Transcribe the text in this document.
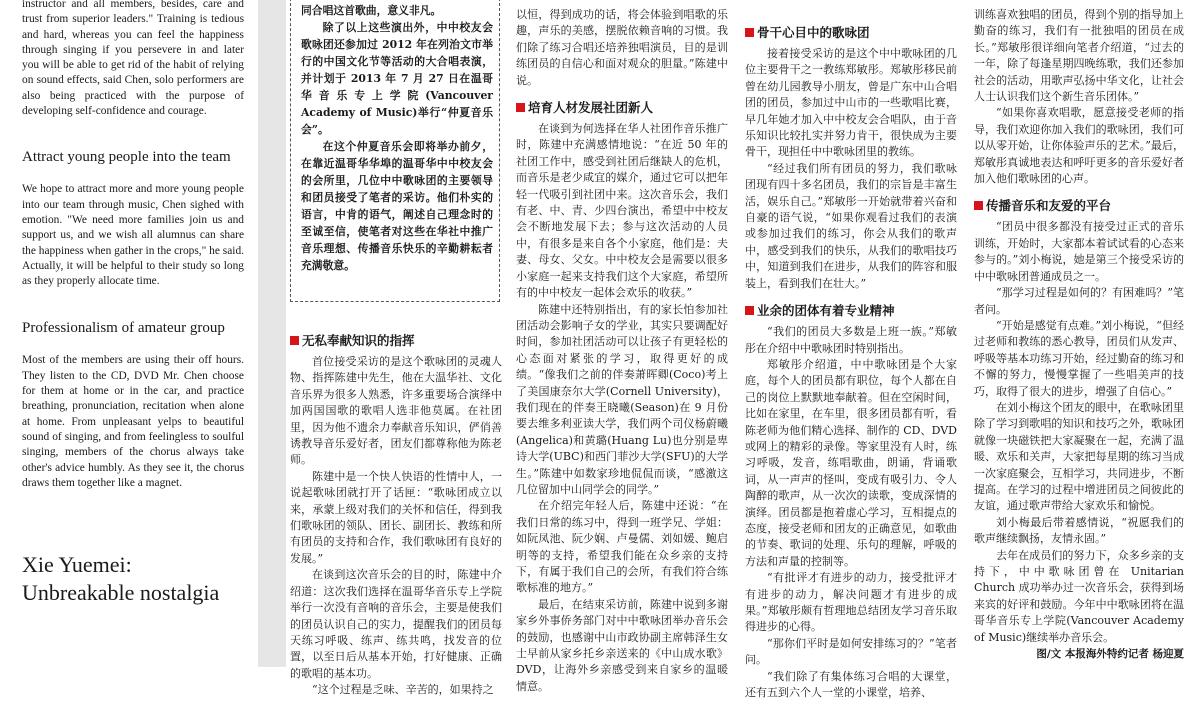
instructor and all members, besides, care and trust from superior leaders." Training is tedious and hard, whereas you can feel the happiness through singing if you persevere in and later you will be able to get rid of the habit of relying on sound effects, said Chen, solo performers are also being practiced with the purpose of developing self-confidence and courage.

Attract young people into the team

We hope to attract more and more young people into our team through music, Chen sighed with emotion. "We need more families join us and support us, and we wish all alumnus can share the happiness when gather in the crops," he said. Actually, it will be helpful to their study so long as they properly allocate time.

Professionalism of amateur group

Most of the members are using their off hours. They listen to the CD, DVD Mr. Chen choose for them at home or in the car, and practice breathing, pronunciation, recitation when alone at home. From unpleasant yelps to beautiful sound of singing, and from feelingless to soulful singing, members of the chorus always take other's advice humbly. As they see it, the chorus draws them together like a magnet.

Xie Yuemei:

Unbreakable nostalgia

同合唱这首歌曲，意义非凡。

除了以上这些演出外，中中校友会歌咏团还参加过 2012 年在列治文市举行的中国文化节等活动的大合唱表演，并计划于 2013 年 7 月 27 日在温哥华音乐专上学院(Vancouver Academy of Music)举行“仲夏音乐会”。

在这个仲夏音乐会即将举办前夕，在靠近温哥华华埠的温哥华中中校友会的会所里，几位中中歌咏团的主要领导和团员接受了笔者的采访。他们朴实的语言，中肯的语气，阐述自己理念时的至诚至信，使笔者对这些在华社中推广音乐理想、传播音乐快乐的辛勤耕耘者充满敬意。

无私奉献知识的指挥

首位接受采访的是这个歌咏团的灵魂人物、指挥陈建中先生，他在大温华社、文化音乐界为很多人熟悉，许多重要场合演绎中加两国国歌的歌唱人选非他莫属。在社团里，因为他不遗余力奉献音乐知识，俨俏善诱教导音乐爱好者，团友们都尊称他为陈老师。

陈建中是一个快人快语的性情中人，一说起歌咏团就打开了话匣：“歌咏团成立以来，承蒙上级对我们的关怀和信任，得到我们歌咏团的领队、团长、副团长、教练和所有团员的支持和合作，我们歌咏团有良好的发展。”

在谈到这次音乐会的目的时，陈建中介绍道：这次我们选择在温哥华音乐专上学院举行一次没有音响的音乐会，主要是使我们的团员认识自己的实力，提醒我们的团员每天练习呼吸、练声、练共鸣，找发音的位置，以至日后从基本开始，打好健康、正确的歌唱的基本功。

“这个过程是乏味、辛苦的，如果持之

以恒，得到成功的话，将会体验到唱歌的乐趣，声乐的美感，摆脱依赖音响的习惯。我们除了练习合唱还培养独唱演员，目的是训练团员的自信心和面对观众的胆量。”陈建中说。

培育人材发展社团新人

在谈到为何选择在华人社团作音乐推广时，陈建中充满感情地说：“在近 50 年的社团工作中，感受到社团后继缺人的危机，而音乐是老少咸宜的媒介，通过它可以把年轻一代吸引到社团中来。这次音乐会，我们有老、中、青、少四台演出，希望中中校友会不断地发展下去；参与这次活动的人员中，有很多是来自各个小家庭，他们是：夫妻、母女、父女。中中校友会是需要以很多小家庭一起来支持我们这个大家庭，希望所有的中中校友一起体会欢乐的收获。”

陈建中还特别指出，有的家长怕参加社团活动会影响子女的学业，其实只要调配好时间，参加社团活动可以让孩子有更轻松的心态面对紧张的学习，取得更好的成绩。“像我们之前的伴奏萧晖卿(Coco)考上了美国康奈尔大学(Cornell University)，我们现在的伴奏王晓曦(Season)在 9 月份要去维多利亚读大学，我们两个司仪杨蔚曦(Angelica)和黄璐(Huang Lu)也分别是卑诗大学(UBC)和西门菲沙大学(SFU)的大学生。”陈建中如数家珍地侃侃而谈，“感激这几位留加中山同学会的同学。”

在介绍完年轻人后，陈建中还说：“在我们日常的练习中，得到一班学兄、学姐：如阮凤池、阮少娴、卢曼儒、刘如媛、鲍启明等的支持，希望我们能在众乡亲的支持下，有属于我们自己的会所，有我们符合练歌标准的地方。”

最后，在结束采访前，陈建中说到多谢家乡外事侨务部门对中中歌咏团举办音乐会的鼓励，也感谢中山市政协副主席韩泽生女士早前从家乡托乡亲送来的《中山成水歌》DVD，让海外乡亲感受到来自家乡的温暖情意。

骨干心目中的歌咏团

接着接受采访的是这个中中歌咏团的几位主要骨干之一教练郑敏彤。郑敏彤移民前曾在幼儿园教导小朋友，曾是广东中山合唱团的团员，参加过中山市的一些歌唱比赛，早几年她才加入中中校友会合唱队，由于音乐知识比较扎实并努力肯干，很快成为主要骨干，现担任中中歌咏团里的教练。

“经过我们所有团员的努力，我们歌咏团现有四十多名团员，我们的宗旨是丰富生活，娱乐自己。”郑敏彤一开始就带着兴奋和自豪的语气说，“如果你观看过我们的表演或参加过我们的练习，你会从我们的歌声中，感受到我们的快乐，从我们的歌唱技巧中，知道到我们在进步，从我们的阵容和服装上，看到我们在壮大。”

业余的团体有着专业精神

“我们的团员大多数是上班一族。”郑敏彤在介绍中中歌咏团时特别指出。

郑敏彤介绍道，中中歌咏团是个大家庭，每个人的团员都有职位，每个人都在自己的岗位上默默地奉献着。但在空闲时间，比如在家里，在车里，很多团员都有听，看陈老师为他们精心选择、制作的 CD、DVD 或网上的精彩的录像。等家里没有人时，练习呼吸，发音，练唱歌曲，朗诵，背诵歌词，从一声声的怪叫，变成有吸引力、令人陶醉的歌声，从一次次的读歌，变成深情的演绎。团员都是抱着虚心学习，互相提点的态度，接受老师和团友的正确意见，如歌曲的节奏、歌词的处理、乐句的理解，呼吸的方法和声量的控制等。

“有批评才有进步的动力，接受批评才有进步的动力，解决问题才有进步的成果。”郑敏彤颇有哲理地总结团友学习音乐取得进步的心得。

“那你们平时是如何安排练习的？”笔者问。

“我们除了有集体练习合唱的大课堂，还有五到六个人一堂的小课堂，培养、

训练喜欢独唱的团员，得到个别的指导加上勤奋的练习，我们有一批独唱的团员在成长。”郑敏彤很详细向笔者介绍道，“过去的一年，除了每逢星期四晚练歌，我们还参加社会的活动，用歌声弘扬中华文化，让社会人士认识我们这个新生音乐团体。”

“如果你喜欢唱歌，愿意接受老师的指导，我们欢迎你加入我们的歌咏团，我们可以从零开始，让你体验声乐的艺术。”最后，郑敏彤真诚地表达和呼吁更多的音乐爱好者加入他们歌咏团的心声。

传播音乐和友爱的平台

“团员中很多都没有接受过正式的音乐训练，开始时，大家都本着试试看的心态来参与的。”刘小梅说，她是第三个接受采访的中中歌咏团普通成员之一。

“那学习过程是如何的？有困难吗？”笔者问。

“开始是感觉有点难。”刘小梅说，“但经过老师和教练的悉心教导，团员们从发声、呼吸等基本功练习开始，经过勤奋的练习和不懈的努力，慢慢掌握了一些唱美声的技巧，取得了很大的进步，增强了自信心。”

在刘小梅这个团友的眼中，在歌咏团里除了学习到歌唱的知识和技巧之外，歌咏团就像一块磁铁把大家凝聚在一起，充满了温暖、欢乐和关声，大家把每星期的练习当成一次家庭聚会，互相学习，共同进步，不断提高。在学习的过程中增进团员之间彼此的友谊，通过歌声带给大家欢乐和愉悦。

刘小梅最后带着感情说，“祝愿我们的歌声继续飘扬，友情永固。”

去年在成员们的努力下，众多乡亲的支持下，中中歌咏团曾在 Unitarian Church 成功举办过一次音乐会，获得到场来宾的好评和鼓励。今年中中歌咏团将在温哥华音乐专上学院(Vancouver Academy of Music)继续举办音乐会。

图/文 本报海外特约记者 杨迎夏
